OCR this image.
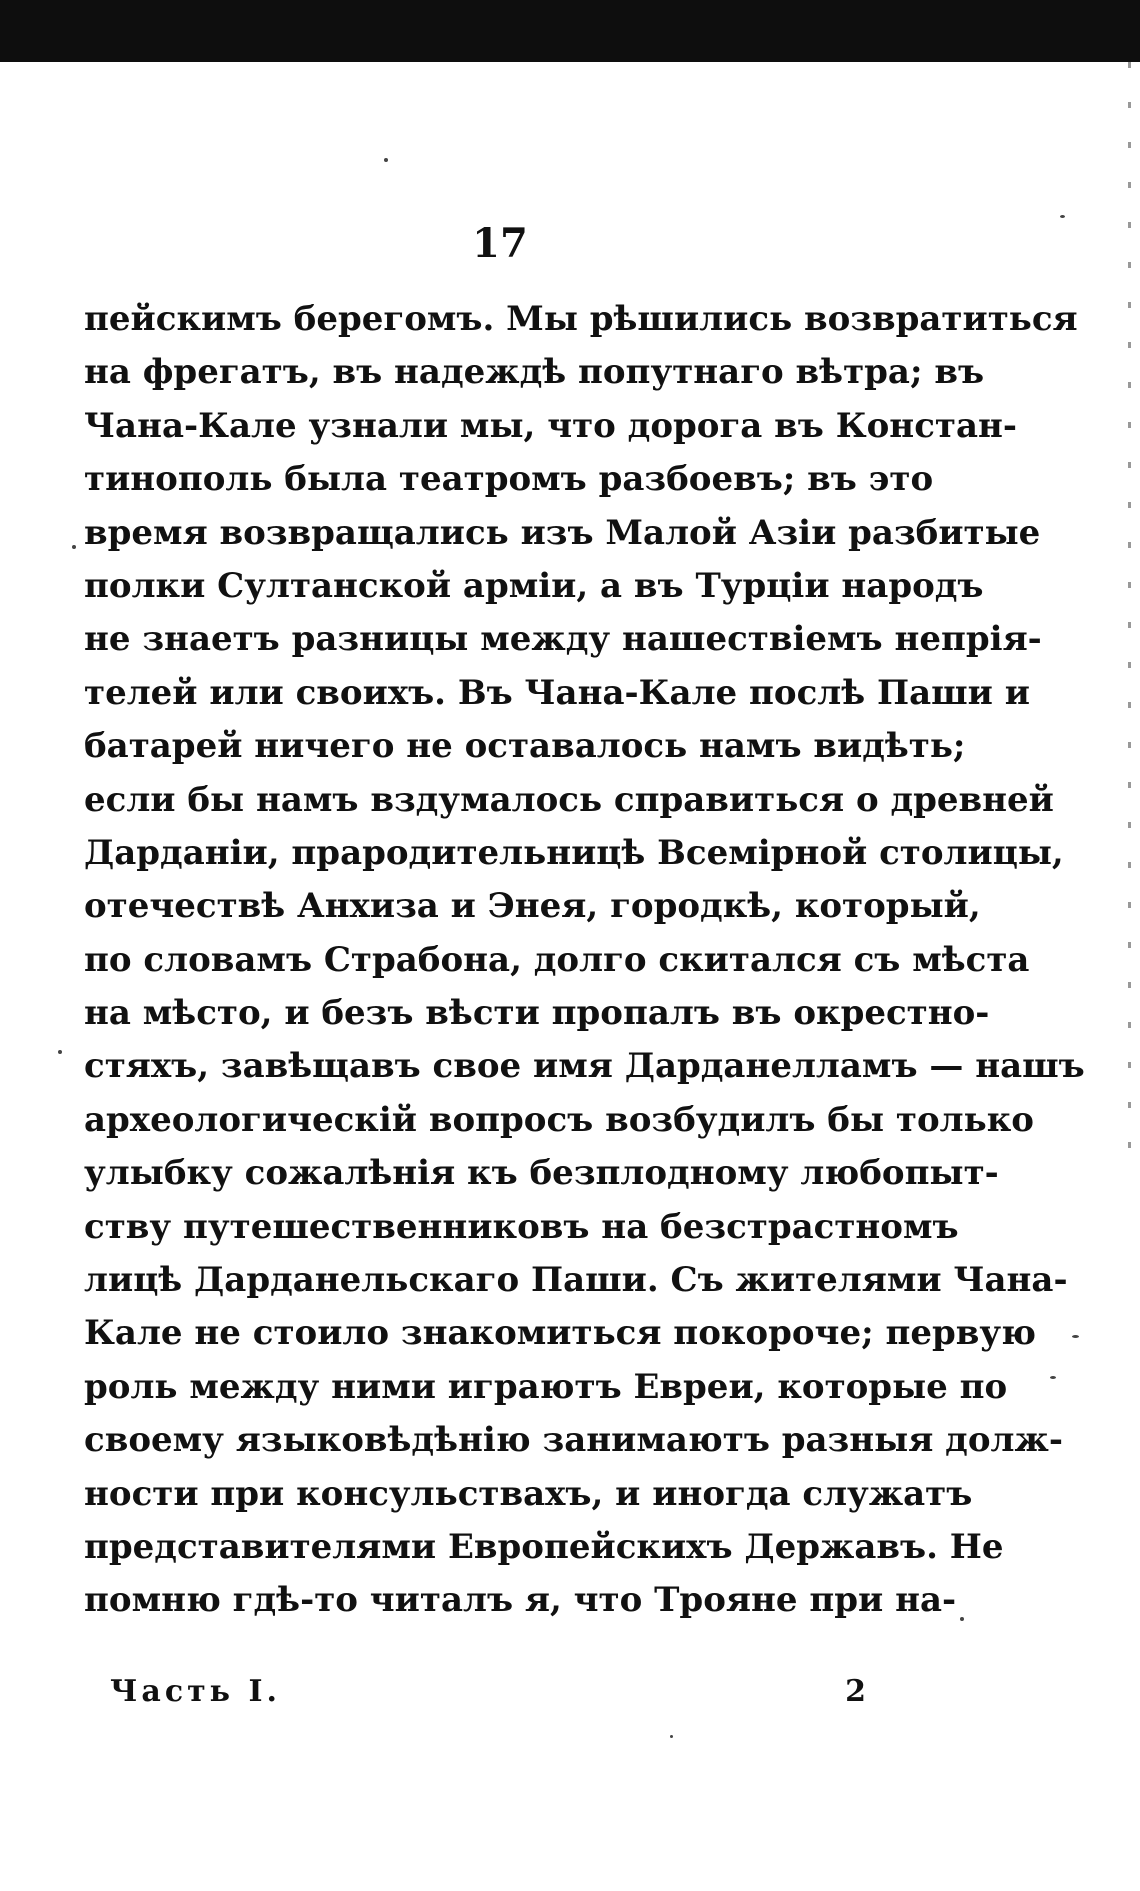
17
пейскимъ берегомъ. Мы рѣшились возвратиться
на фрегатъ, въ надеждѣ попутнаго вѣтра; въ
Чана-Кале узнали мы, что дорога въ Констан-
тинополь была театромъ разбоевъ; въ это
время возвращались изъ Малой Азіи разбитые
полки Султанской арміи, а въ Турціи народъ
не знаетъ разницы между нашествіемъ непрія-
телей или своихъ. Въ Чана-Кале послѣ Паши и
батарей ничего не оставалось намъ видѣть;
если бы намъ вздумалось справиться о древней
Дарданіи, прародительницѣ Всемірной столицы,
отечествѣ Анхиза и Энея, городкѣ, который,
по словамъ Страбона, долго скитался съ мѣста
на мѣсто, и безъ вѣсти пропалъ въ окрестно-
стяхъ, завѣщавъ свое имя Дарданелламъ — нашъ
археологическій вопросъ возбудилъ бы только
улыбку сожалѣнія къ безплодному любопыт-
ству путешественниковъ на безстрастномъ
лицѣ Дарданельскаго Паши. Съ жителями Чана-
Кале не стоило знакомиться покороче; первую
роль между ними играютъ Евреи, которые по
своему языковѣдѣнію занимаютъ разныя долж-
ности при консульствахъ, и иногда служатъ
представителями Европейскихъ Державъ. Не
помню гдѣ-то читалъ я, что Трояне при на-
Часть I.	2
